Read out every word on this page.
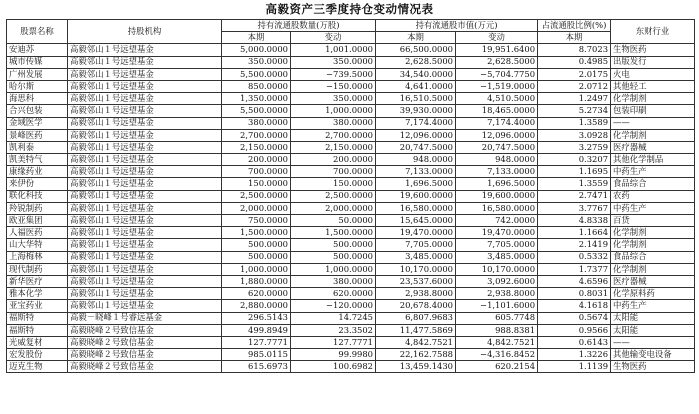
高毅资产三季度持仓变动情况表
股票名称	持股机构	持有流通股数量(万股)		持有流通股市值(万元)		占流通股比例(%)	东财行业
		本期	变动	本期	变动	本期	
安迪苏	高毅邻山１号远望基金	5,000.0000	1,001.0000	66,500.0000	19,951.6400	8.7023	生物医药
城市传媒	高毅邻山１号远望基金	350.0000	350.0000	2,628.5000	2,628.5000	0.4985	出版发行
广州发展	高毅邻山１号远望基金	5,500.0000	−739.5000	34,540.0000	−5,704.7750	2.0175	火电
哈尔斯	高毅邻山１号远望基金	850.0000	−150.0000	4,641.0000	−1,519.0000	2.0712	其他轻工
海思科	高毅邻山１号远望基金	1,350.0000	350.0000	16,510.5000	4,510.5000	1.2497	化学制剂
合兴包装	高毅邻山１号远望基金	5,500.0000	1,000.0000	39,930.0000	18,465.0000	5.2734	包装印刷
金域医学	高毅邻山１号远望基金	380.0000	380.0000	7,174.4000	7,174.4000	1.3589	——
景峰医药	高毅邻山１号远望基金	2,700.0000	2,700.0000	12,096.0000	12,096.0000	3.0928	化学制剂
凯利泰	高毅邻山１号远望基金	2,150.0000	2,150.0000	20,747.5000	20,747.5000	3.2759	医疗器械
凯美特气	高毅邻山１号远望基金	200.0000	200.0000	948.0000	948.0000	0.3207	其他化学制品
康缘药业	高毅邻山１号远望基金	700.0000	700.0000	7,133.0000	7,133.0000	1.1695	中药生产
来伊份	高毅邻山１号远望基金	150.0000	150.0000	1,696.5000	1,696.5000	1.3559	食品综合
联化科技	高毅邻山１号远望基金	2,500.0000	2,500.0000	19,600.0000	19,600.0000	2.7471	农药
羚锐制药	高毅邻山１号远望基金	2,000.0000	2,000.0000	16,580.0000	16,580.0000	3.7767	中药生产
欧亚集团	高毅邻山１号远望基金	750.0000	50.0000	15,645.0000	742.0000	4.8338	百货
人福医药	高毅邻山１号远望基金	1,500.0000	1,500.0000	19,470.0000	19,470.0000	1.1664	化学制剂
山大华特	高毅邻山１号远望基金	500.0000	500.0000	7,705.0000	7,705.0000	2.1419	化学制剂
上海梅林	高毅邻山１号远望基金	500.0000	500.0000	3,485.0000	3,485.0000	0.5332	食品综合
现代制药	高毅邻山１号远望基金	1,000.0000	1,000.0000	10,170.0000	10,170.0000	1.7377	化学制剂
新华医疗	高毅邻山１号远望基金	1,880.0000	380.0000	23,537.6000	3,092.6000	4.6596	医疗器械
雅本化学	高毅邻山１号远望基金	620.0000	620.0000	2,938.8000	2,938.8000	0.8031	化学原料药
亚宝药业	高毅邻山１号远望基金	2,880.0000	−120.0000	20,678.4000	−1,101.6000	4.1618	中药生产
福斯特	高毅－晓峰１号睿远基金	296.5143	14.7245	6,807.9683	605.7748	0.5674	太阳能
福斯特	高毅晓峰２号致信基金	499.8949	23.3502	11,477.5869	988.8381	0.9566	太阳能
光威复材	高毅晓峰２号致信基金	127.7771	127.7771	4,842.7521	4,842.7521	0.6143	——
宏发股份	高毅晓峰２号致信基金	985.0115	99.9980	22,162.7588	−4,316.8452	1.3226	其他输变电设备
迈克生物	高毅晓峰２号致信基金	615.6973	100.6982	13,459.1430	620.2154	1.1139	生物医药
